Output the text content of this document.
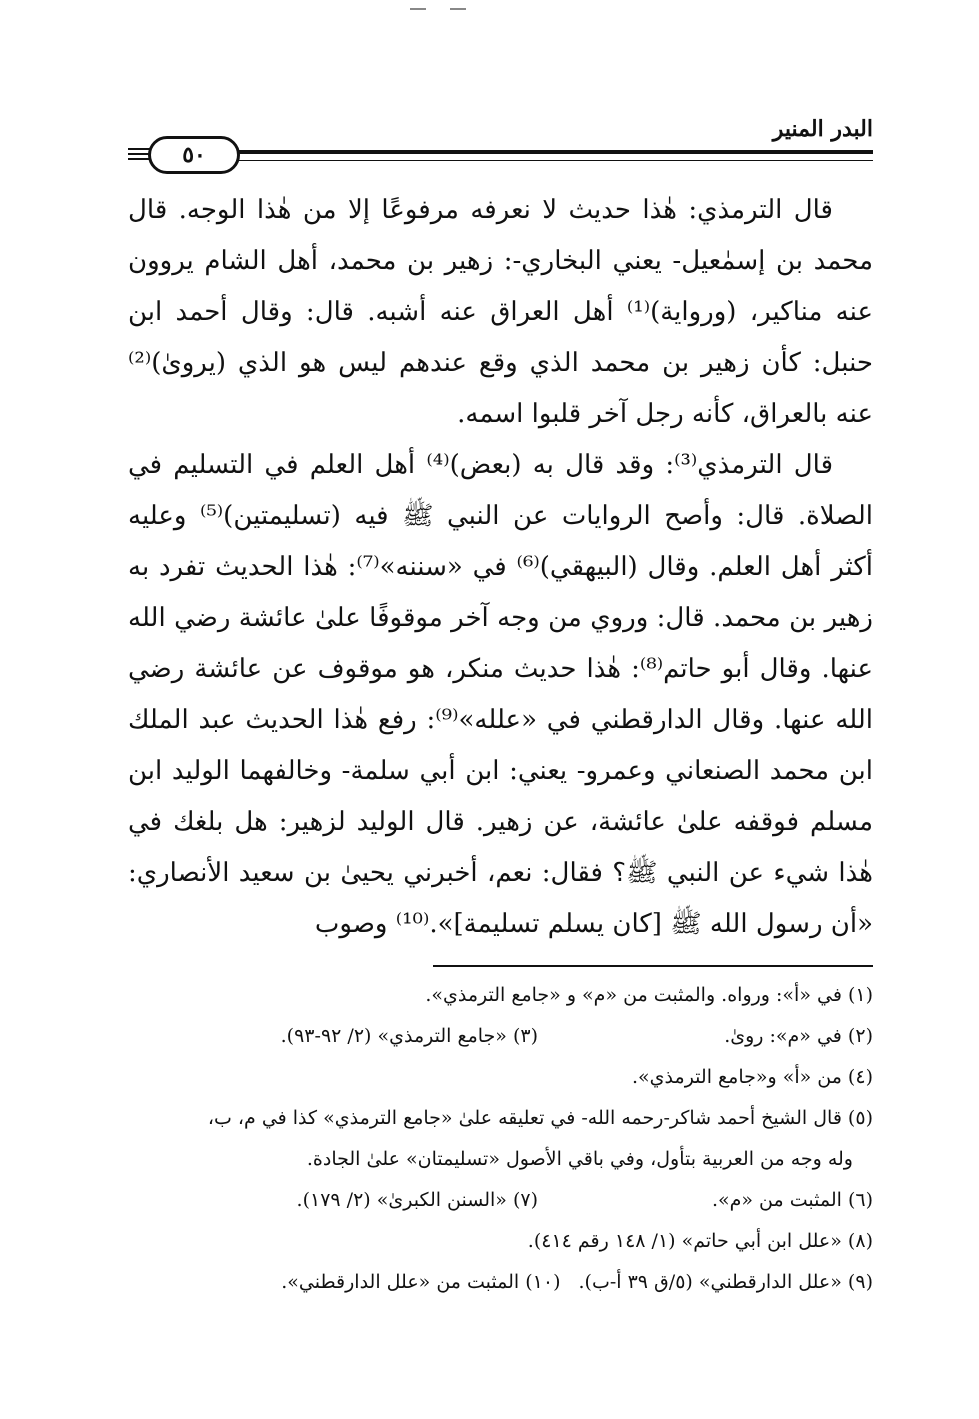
البدر المنير
٥٠

قال الترمذي: هٰذا حديث لا نعرفه مرفوعًا إلا من هٰذا الوجه. قال محمد بن إسمٰعيل- يعني البخاري-: زهير بن محمد، أهل الشام يروون عنه مناكير، (ورواية)⁽¹⁾ أهل العراق عنه أشبه. قال: وقال أحمد ابن حنبل: كأن زهير بن محمد الذي وقع عندهم ليس هو الذي (يروىٰ)⁽²⁾ عنه بالعراق، كأنه رجل آخر قلبوا اسمه.

قال الترمذي⁽³⁾: وقد قال به (بعض)⁽⁴⁾ أهل العلم في التسليم في الصلاة. قال: وأصح الروايات عن النبي ﷺ فيه (تسليمتين)⁽⁵⁾ وعليه أكثر أهل العلم. وقال (البيهقي)⁽⁶⁾ في «سننه»⁽⁷⁾: هٰذا الحديث تفرد به زهير بن محمد. قال: وروي من وجه آخر موقوفًا علىٰ عائشة رضي الله عنها. وقال أبو حاتم⁽⁸⁾: هٰذا حديث منكر، هو موقوف عن عائشة رضي الله عنها. وقال الدارقطني في «علله»⁽⁹⁾: رفع هٰذا الحديث عبد الملك ابن محمد الصنعاني وعمرو- يعني: ابن أبي سلمة- وخالفهما الوليد ابن مسلم فوقفه علىٰ عائشة، عن زهير. قال الوليد لزهير: هل بلغك في هٰذا شيء عن النبي ﷺ؟ فقال: نعم، أخبرني يحيىٰ بن سعيد الأنصاري: «أن رسول الله ﷺ [كان يسلم تسليمة]».⁽¹⁰⁾ وصوب

(١) في «أ»: ورواه. والمثبت من «م» و «جامع الترمذي».
(٢) في «م»: روىٰ.
(٣) «جامع الترمذي» (٢/ ٩٢-٩٣).
(٤) من «أ» و«جامع الترمذي».
(٥) قال الشيخ أحمد شاكر-رحمه الله- في تعليقه علىٰ «جامع الترمذي» كذا في م، ب،
وله وجه من العربية بتأول، وفي باقي الأصول «تسليمتان» علىٰ الجادة.
(٦) المثبت من «م».
(٧) «السنن الكبرىٰ» (٢/ ١٧٩).
(٨) «علل ابن أبي حاتم» (١/ ١٤٨ رقم ٤١٤).
(٩) «علل الدارقطني» (٥/ق ٣٩ أ-ب).(١٠) المثبت من «علل الدارقطني».
